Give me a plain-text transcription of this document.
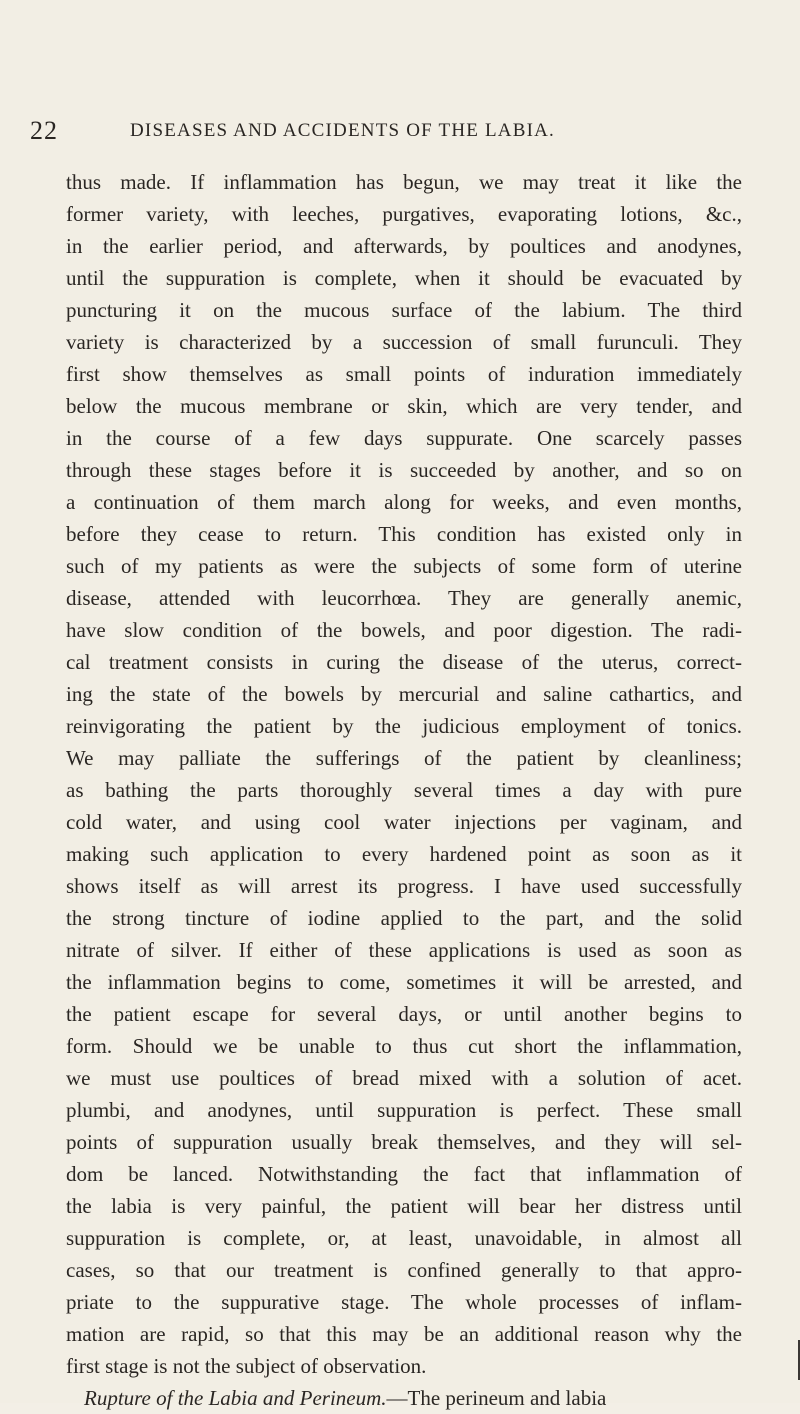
22	DISEASES AND ACCIDENTS OF THE LABIA.
thus made. If inflammation has begun, we may treat it like the
former variety, with leeches, purgatives, evaporating lotions, &c.,
in the earlier period, and afterwards, by poultices and anodynes,
until the suppuration is complete, when it should be evacuated by
puncturing it on the mucous surface of the labium. The third
variety is characterized by a succession of small furunculi. They
first show themselves as small points of induration immediately
below the mucous membrane or skin, which are very tender, and
in the course of a few days suppurate. One scarcely passes
through these stages before it is succeeded by another, and so on
a continuation of them march along for weeks, and even months,
before they cease to return. This condition has existed only in
such of my patients as were the subjects of some form of uterine
disease, attended with leucorrhœa. They are generally anemic,
have slow condition of the bowels, and poor digestion. The radi-
cal treatment consists in curing the disease of the uterus, correct-
ing the state of the bowels by mercurial and saline cathartics, and
reinvigorating the patient by the judicious employment of tonics.
We may palliate the sufferings of the patient by cleanliness;
as bathing the parts thoroughly several times a day with pure
cold water, and using cool water injections per vaginam, and
making such application to every hardened point as soon as it
shows itself as will arrest its progress. I have used successfully
the strong tincture of iodine applied to the part, and the solid
nitrate of silver. If either of these applications is used as soon as
the inflammation begins to come, sometimes it will be arrested, and
the patient escape for several days, or until another begins to
form. Should we be unable to thus cut short the inflammation,
we must use poultices of bread mixed with a solution of acet.
plumbi, and anodynes, until suppuration is perfect. These small
points of suppuration usually break themselves, and they will sel-
dom be lanced. Notwithstanding the fact that inflammation of
the labia is very painful, the patient will bear her distress until
suppuration is complete, or, at least, unavoidable, in almost all
cases, so that our treatment is confined generally to that appro-
priate to the suppurative stage. The whole processes of inflam-
mation are rapid, so that this may be an additional reason why the
first stage is not the subject of observation.
Rupture of the Labia and Perineum.—The perineum and labia
